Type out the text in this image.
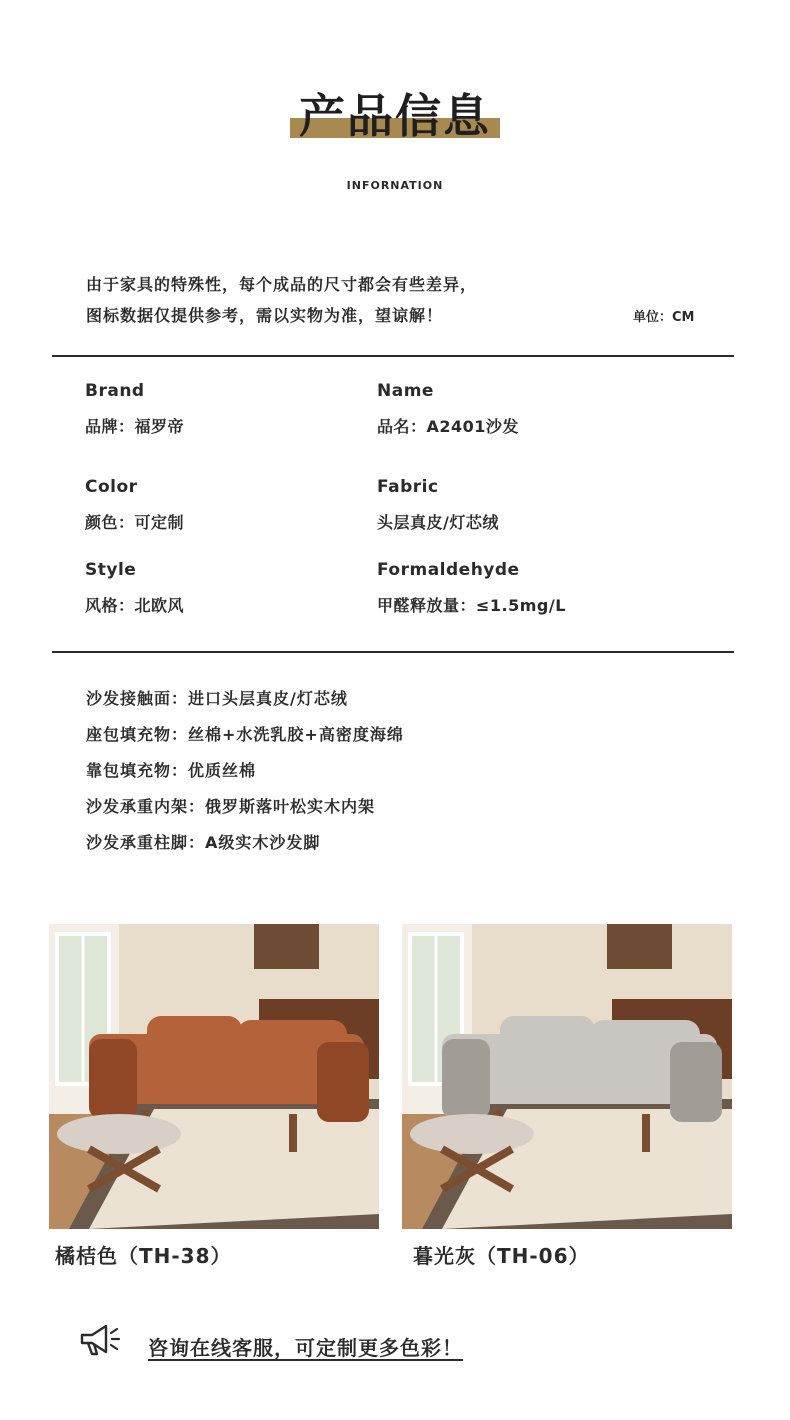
产品信息
INFORNATION
由于家具的特殊性，每个成品的尺寸都会有些差异，
图标数据仅提供参考，需以实物为准，望谅解！	单位：CM
Brand
品牌：福罗帝
Name
品名：A2401沙发
Color
颜色：可定制
Fabric
头层真皮/灯芯绒
Style
风格：北欧风
Formaldehyde
甲醛释放量：≤1.5mg/L
沙发接触面：进口头层真皮/灯芯绒
座包填充物：丝棉+水洗乳胶+高密度海绵
靠包填充物：优质丝棉
沙发承重内架：俄罗斯落叶松实木内架
沙发承重柱脚：A级实木沙发脚
橘桔色（TH-38）	暮光灰（TH-06）
咨询在线客服，可定制更多色彩！
